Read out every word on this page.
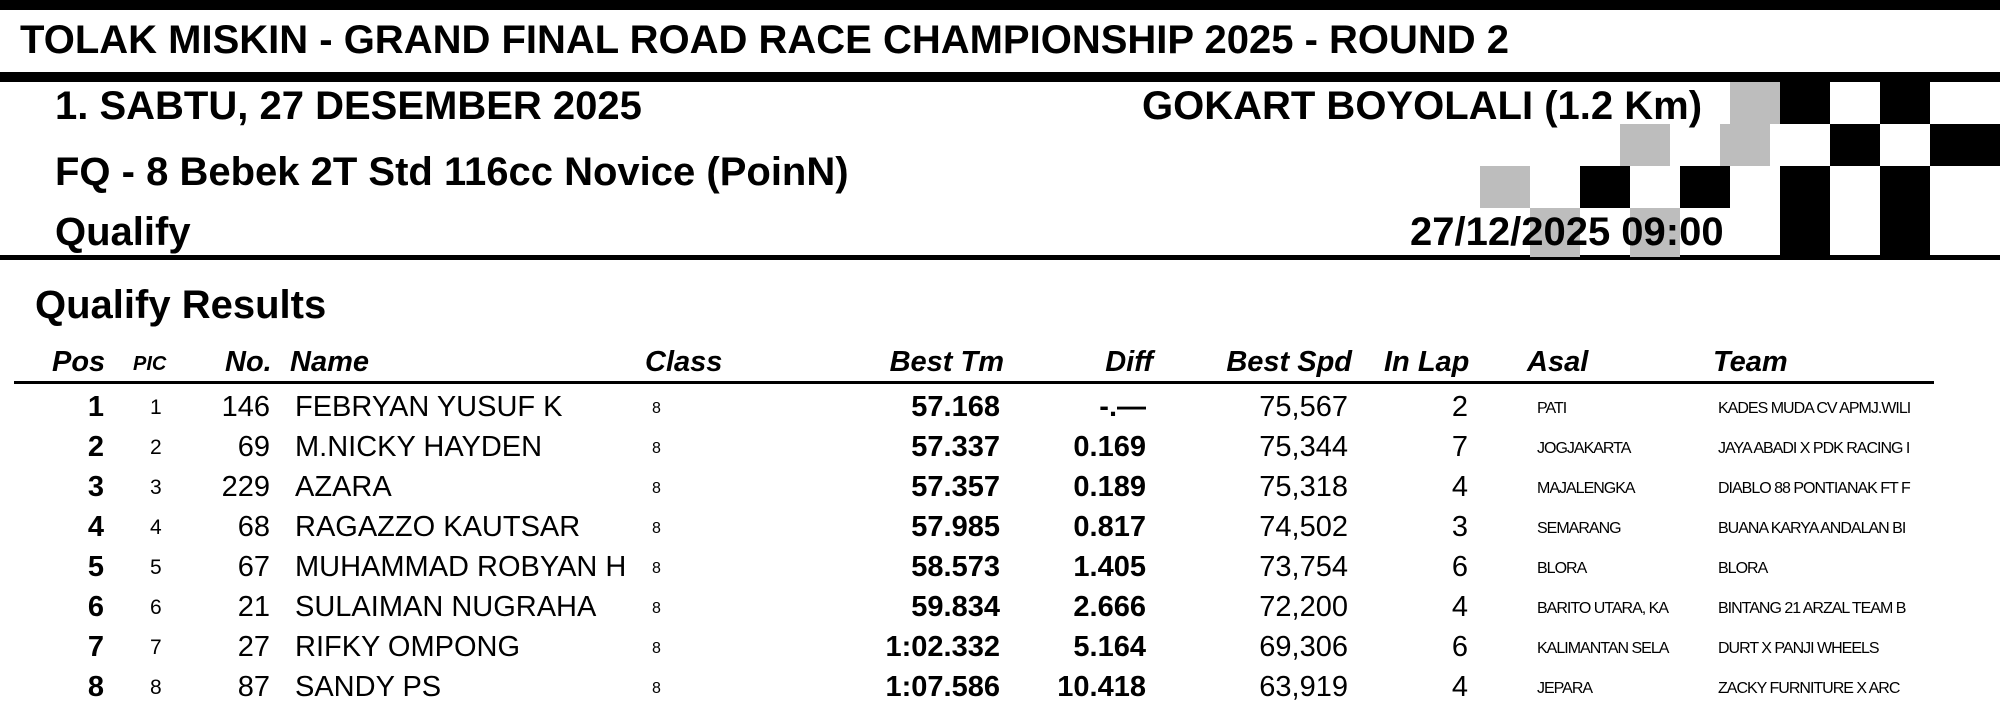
TOLAK MISKIN - GRAND FINAL ROAD RACE CHAMPIONSHIP 2025 - ROUND 2
1. SABTU, 27 DESEMBER 2025	GOKART BOYOLALI (1.2 Km)
FQ - 8 Bebek 2T Std 116cc Novice (PoinN)
Qualify	27/12/2025 09:00
Qualify Results
Pos PIC No. Name	Class	Best Tm	Diff	Best Spd In Lap Asal	Team
1 1	146 FEBRYAN YUSUF K	8	57.168	-.—	75,567	2	PATI	KADES MUDA CV APMJ.WILI
2 2	69 M.NICKY HAYDEN	8	57.337	0.169	75,344	7	JOGJAKARTA	JAYA ABADI X PDK RACING I
3 3	229 AZARA	8	57.357	0.189	75,318	4	MAJALENGKA	DIABLO 88 PONTIANAK FT F
4 4	68 RAGAZZO KAUTSAR	8	57.985	0.817	74,502	3	SEMARANG	BUANA KARYA ANDALAN BI
5 5	67 MUHAMMAD ROBYAN H	8	58.573	1.405	73,754	6	BLORA	BLORA
6 6	21 SULAIMAN NUGRAHA	8	59.834	2.666	72,200	4	BARITO UTARA, KA	BINTANG 21 ARZAL TEAM B
7 7	27 RIFKY OMPONG	8	1:02.332	5.164	69,306	6	KALIMANTAN SELA	DURT X PANJI WHEELS
8 8	87 SANDY PS	8	1:07.586	10.418	63,919	4	JEPARA	ZACKY FURNITURE X ARC
